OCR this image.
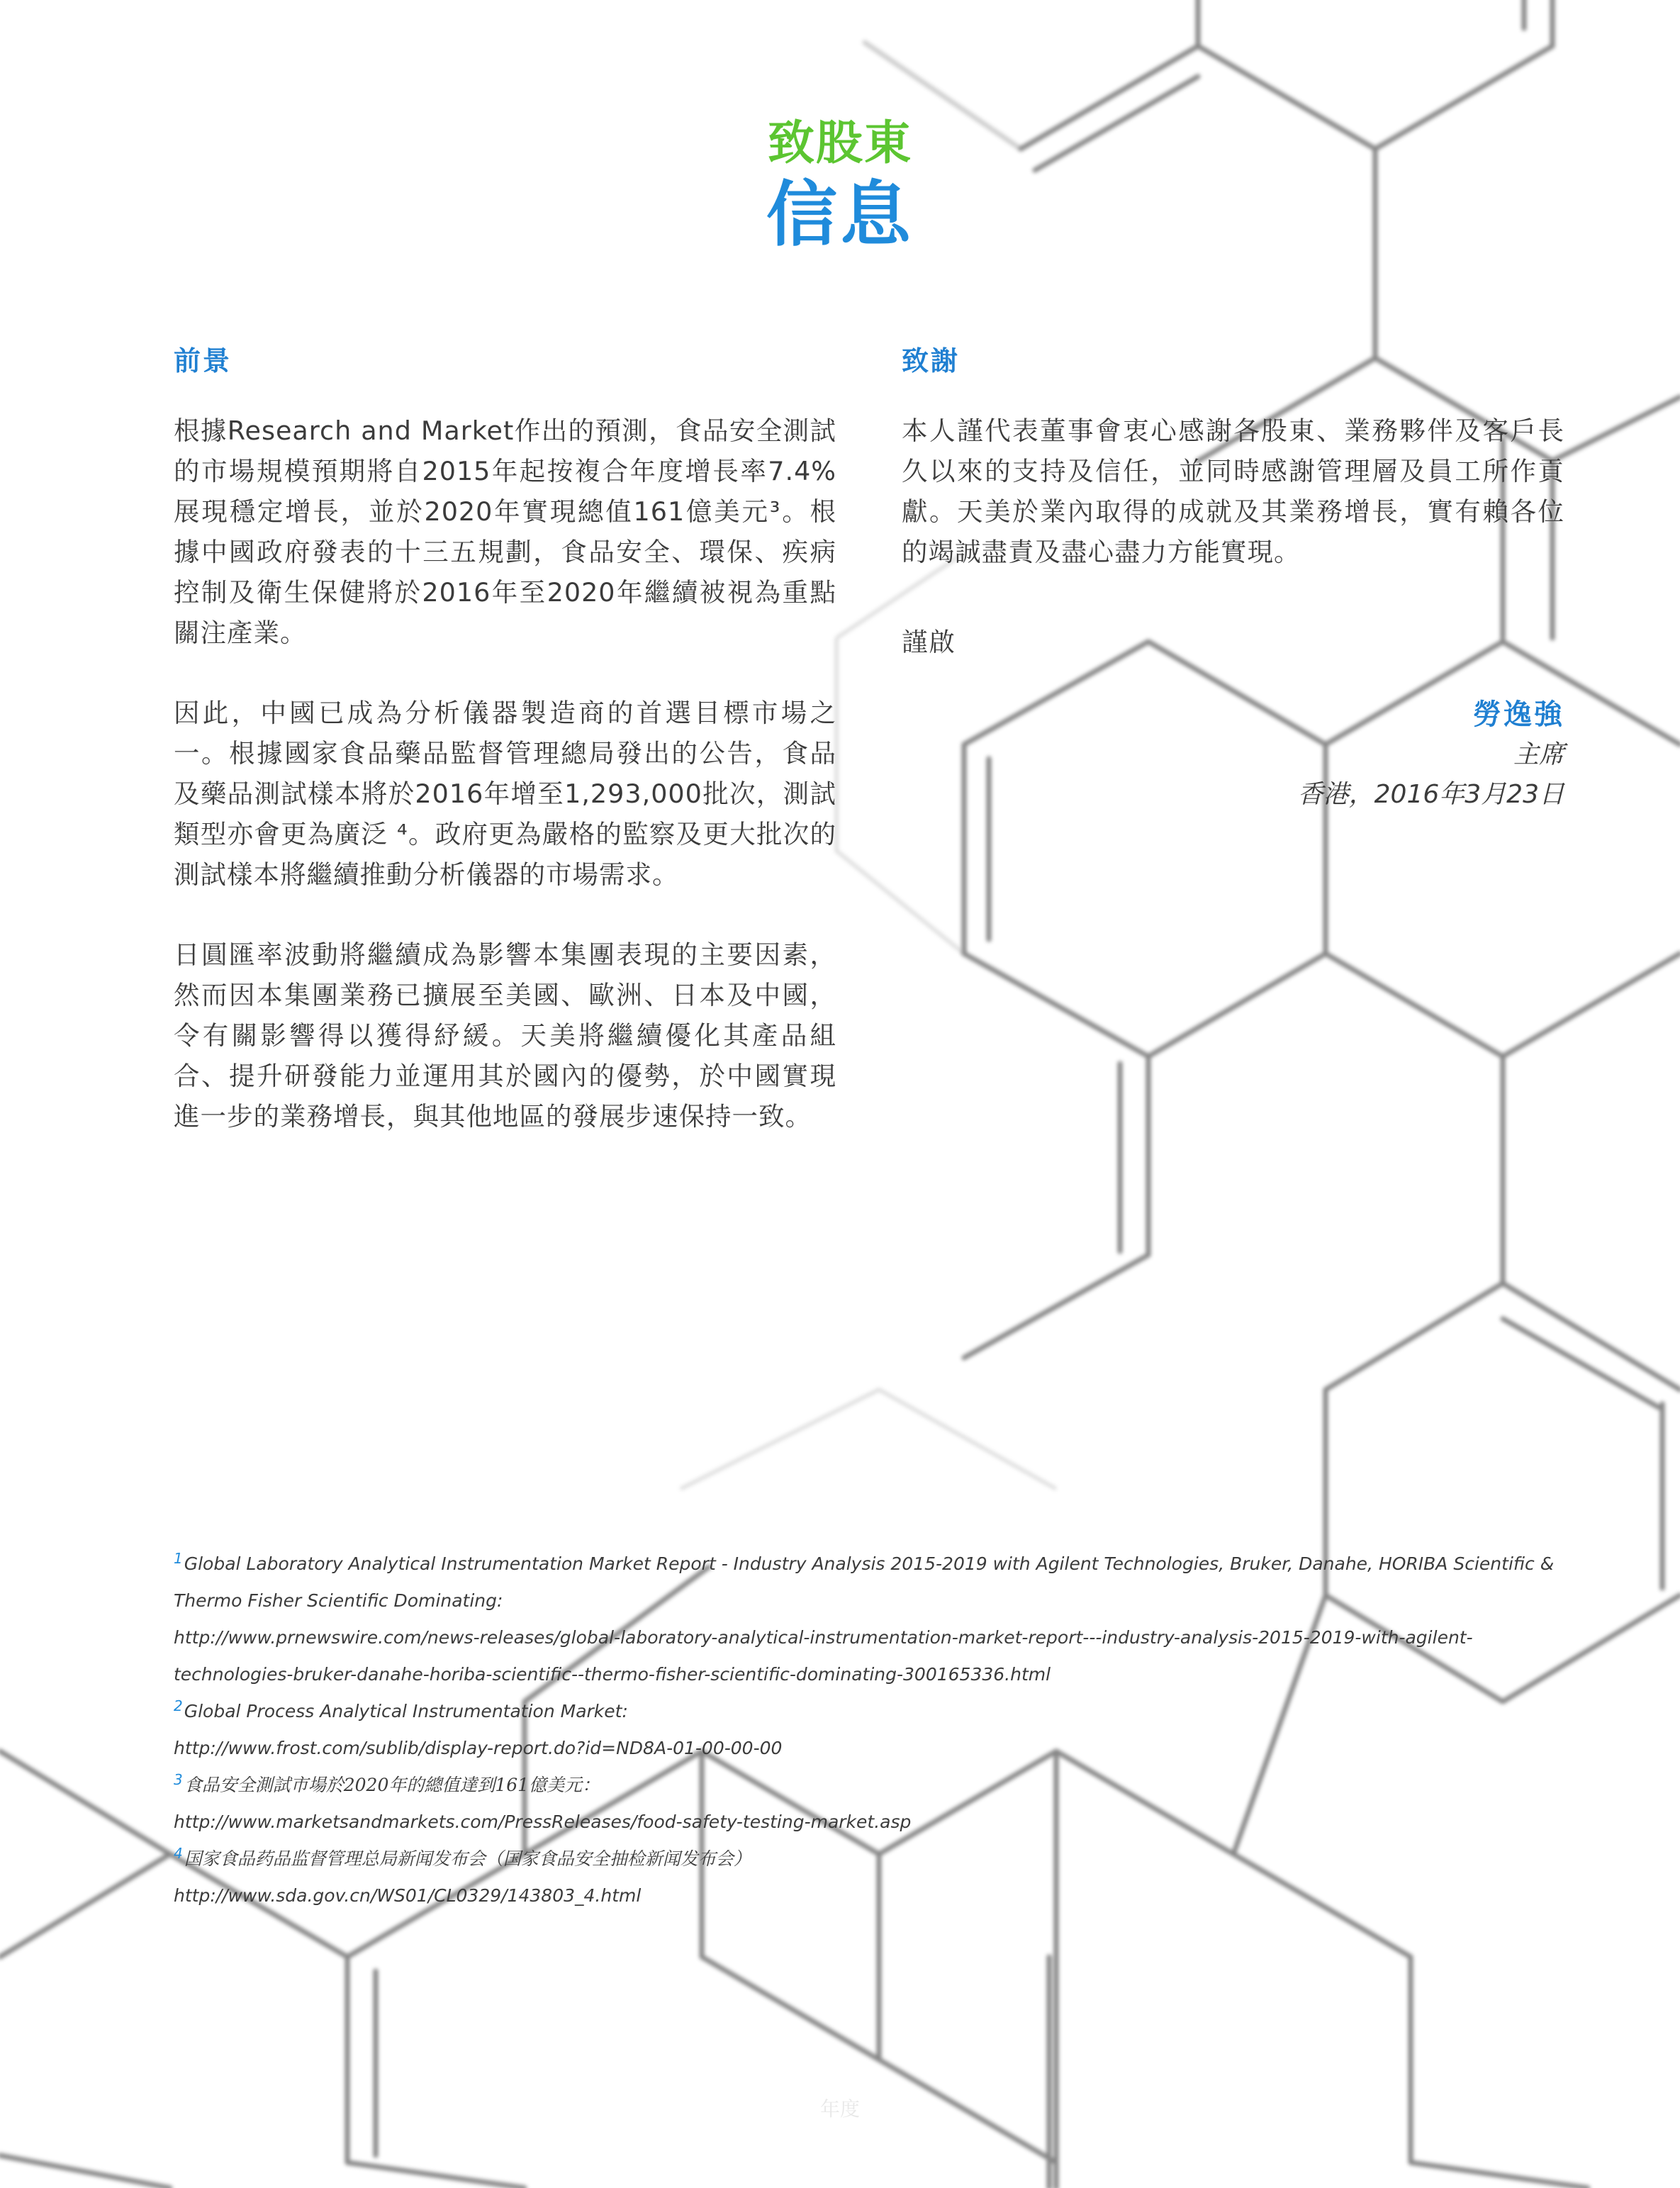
致股東
信息
前景

根據Research and Market作出的預測，食品安全測試的市場規模預期將自2015年起按複合年度增長率7.4%展現穩定增長，並於2020年實現總值161億美元³。根據中國政府發表的十三五規劃，食品安全、環保、疾病控制及衛生保健將於2016年至2020年繼續被視為重點關注產業。

因此，中國已成為分析儀器製造商的首選目標市場之一。根據國家食品藥品監督管理總局發出的公告，食品及藥品測試樣本將於2016年增至1,293,000批次，測試類型亦會更為廣泛 ⁴。政府更為嚴格的監察及更大批次的測試樣本將繼續推動分析儀器的市場需求。

日圓匯率波動將繼續成為影響本集團表現的主要因素，然而因本集團業務已擴展至美國、歐洲、日本及中國，令有關影響得以獲得紓緩。天美將繼續優化其產品組合、提升研發能力並運用其於國內的優勢，於中國實現進一步的業務增長，與其他地區的發展步速保持一致。

致謝

本人謹代表董事會衷心感謝各股東、業務夥伴及客戶長久以來的支持及信任，並同時感謝管理層及員工所作貢獻。天美於業內取得的成就及其業務增長，實有賴各位的竭誠盡責及盡心盡力方能實現。

謹啟
勞逸強
主席
香港，2016年3月23日
$^1$Global Laboratory Analytical Instrumentation Market Report - Industry Analysis 2015-2019 with Agilent Technologies, Bruker, Danahe, HORIBA Scientific & Thermo Fisher Scientific Dominating:
http://www.prnewswire.com/news-releases/global-laboratory-analytical-instrumentation-market-report---industry-analysis-2015-2019-with-agilent-technologies-bruker-danahe-horiba-scientific--thermo-fisher-scientific-dominating-300165336.html
$^2$Global Process Analytical Instrumentation Market:
http://www.frost.com/sublib/display-report.do?id=ND8A-01-00-00-00
$^3$食品安全測試市場於2020年的總值達到161億美元：
http://www.marketsandmarkets.com/PressReleases/food-safety-testing-market.asp
$^4$国家食品药品监督管理总局新闻发布会（国家食品安全抽检新闻发布会）
http://www.sda.gov.cn/WS01/CL0329/143803_4.html
年度
